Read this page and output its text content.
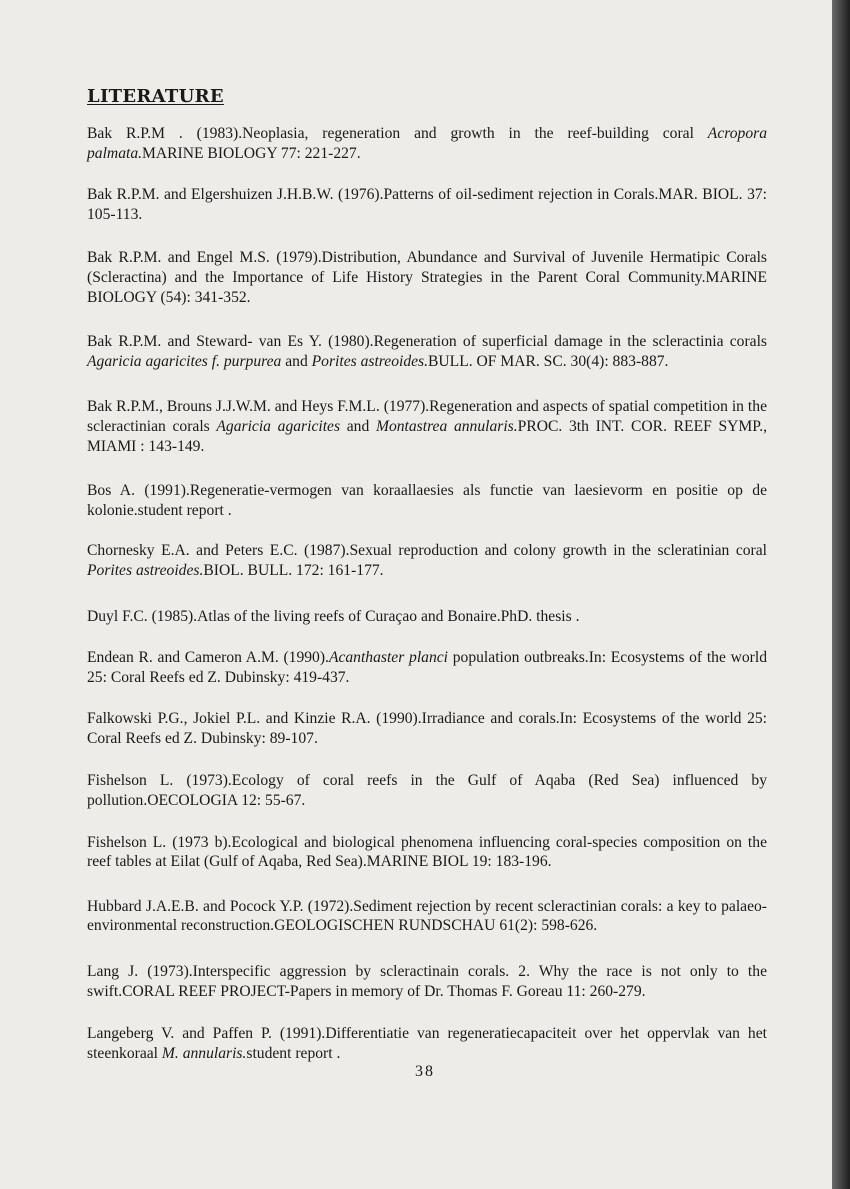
LITERATURE
Bak R.P.M . (1983).Neoplasia, regeneration and growth in the reef-building coral Acropora palmata.MARINE BIOLOGY 77: 221-227.
Bak R.P.M. and Elgershuizen J.H.B.W. (1976).Patterns of oil-sediment rejection in Corals.MAR. BIOL. 37: 105-113.
Bak R.P.M. and Engel M.S. (1979).Distribution, Abundance and Survival of Juvenile Hermatipic Corals (Scleractina) and the Importance of Life History Strategies in the Parent Coral Community.MARINE BIOLOGY (54): 341-352.
Bak R.P.M. and Steward- van Es Y. (1980).Regeneration of superficial damage in the scleractinia corals Agaricia agaricites f. purpurea and Porites astreoides.BULL. OF MAR. SC. 30(4): 883-887.
Bak R.P.M., Brouns J.J.W.M. and Heys F.M.L. (1977).Regeneration and aspects of spatial competition in the scleractinian corals Agaricia agaricites and Montastrea annularis.PROC. 3th INT. COR. REEF SYMP., MIAMI : 143-149.
Bos A. (1991).Regeneratie-vermogen van koraallaesies als functie van laesievorm en positie op de kolonie.student report .
Chornesky E.A. and Peters E.C. (1987).Sexual reproduction and colony growth in the scleratinian coral Porites astreoides.BIOL. BULL. 172: 161-177.
Duyl F.C. (1985).Atlas of the living reefs of Curaçao and Bonaire.PhD. thesis .
Endean R. and Cameron A.M. (1990).Acanthaster planci population outbreaks.In: Ecosystems of the world 25: Coral Reefs ed Z. Dubinsky: 419-437.
Falkowski P.G., Jokiel P.L. and Kinzie R.A. (1990).Irradiance and corals.In: Ecosystems of the world 25: Coral Reefs ed Z. Dubinsky: 89-107.
Fishelson L. (1973).Ecology of coral reefs in the Gulf of Aqaba (Red Sea) influenced by pollution.OECOLOGIA 12: 55-67.
Fishelson L. (1973 b).Ecological and biological phenomena influencing coral-species composition on the reef tables at Eilat (Gulf of Aqaba, Red Sea).MARINE BIOL 19: 183-196.
Hubbard J.A.E.B. and Pocock Y.P. (1972).Sediment rejection by recent scleractinian corals: a key to palaeo-environmental reconstruction.GEOLOGISCHEN RUNDSCHAU 61(2): 598-626.
Lang J. (1973).Interspecific aggression by scleractinain corals. 2. Why the race is not only to the swift.CORAL REEF PROJECT-Papers in memory of Dr. Thomas F. Goreau 11: 260-279.
Langeberg V. and Paffen P. (1991).Differentiatie van regeneratiecapaciteit over het oppervlak van het steenkoraal M. annularis.student report .
38
